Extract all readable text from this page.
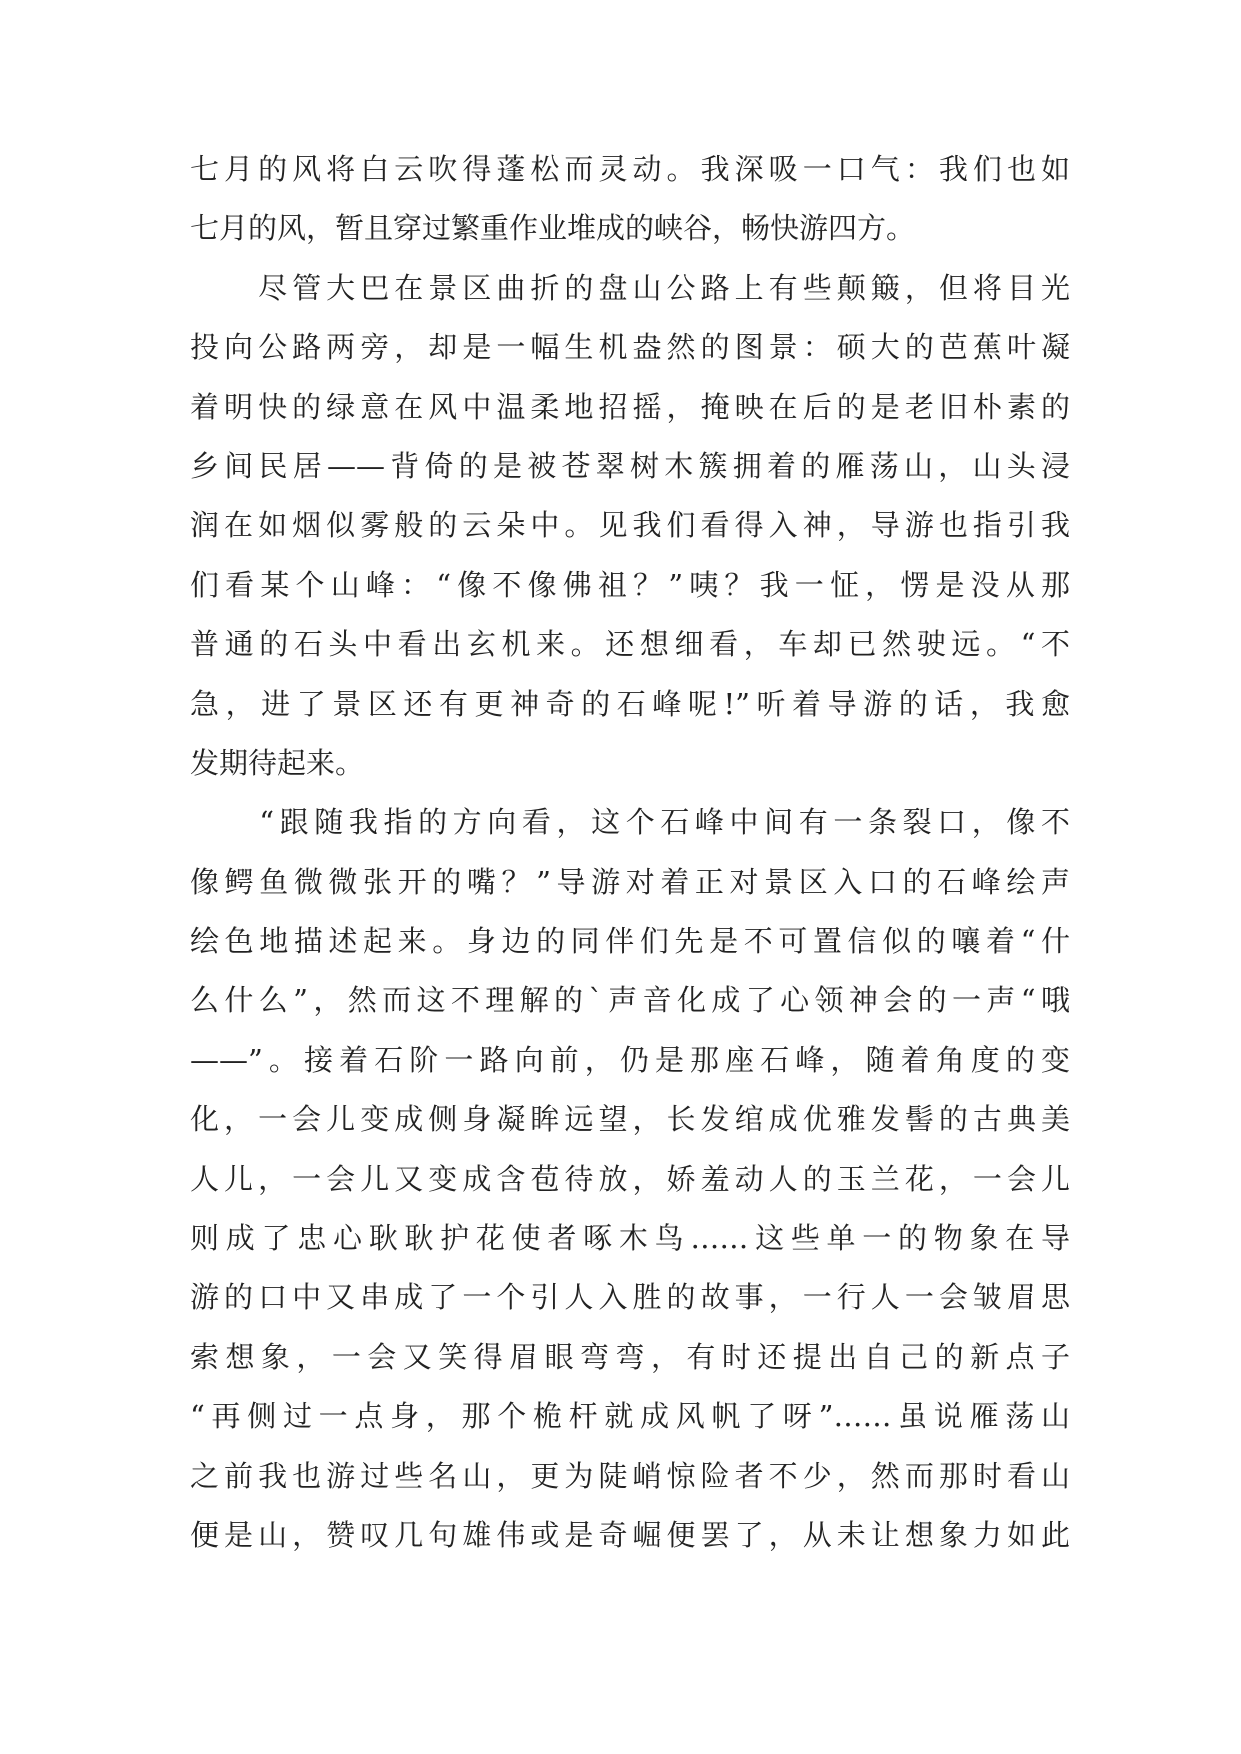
七月的风将白云吹得蓬松而灵动。我深吸一口气：我们也如
七月的风，暂且穿过繁重作业堆成的峡谷，畅快游四方。
　　尽管大巴在景区曲折的盘山公路上有些颠簸，但将目光
投向公路两旁，却是一幅生机盎然的图景：硕大的芭蕉叶凝
着明快的绿意在风中温柔地招摇，掩映在后的是老旧朴素的
乡间民居——背倚的是被苍翠树木簇拥着的雁荡山，山头浸
润在如烟似雾般的云朵中。见我们看得入神，导游也指引我
们看某个山峰：“像不像佛祖？”咦？我一怔，愣是没从那
普通的石头中看出玄机来。还想细看，车却已然驶远。“不
急，进了景区还有更神奇的石峰呢!”听着导游的话，我愈
发期待起来。
　　“跟随我指的方向看，这个石峰中间有一条裂口，像不
像鳄鱼微微张开的嘴？”导游对着正对景区入口的石峰绘声
绘色地描述起来。身边的同伴们先是不可置信似的嚷着“什
么什么”，然而这不理解的`声音化成了心领神会的一声“哦
——”。接着石阶一路向前，仍是那座石峰，随着角度的变
化，一会儿变成侧身凝眸远望，长发绾成优雅发髻的古典美
人儿，一会儿又变成含苞待放，娇羞动人的玉兰花，一会儿
则成了忠心耿耿护花使者啄木鸟……这些单一的物象在导
游的口中又串成了一个引人入胜的故事，一行人一会皱眉思
索想象，一会又笑得眉眼弯弯，有时还提出自己的新点子
“再侧过一点身，那个桅杆就成风帆了呀”……虽说雁荡山
之前我也游过些名山，更为陡峭惊险者不少，然而那时看山
便是山，赞叹几句雄伟或是奇崛便罢了，从未让想象力如此
